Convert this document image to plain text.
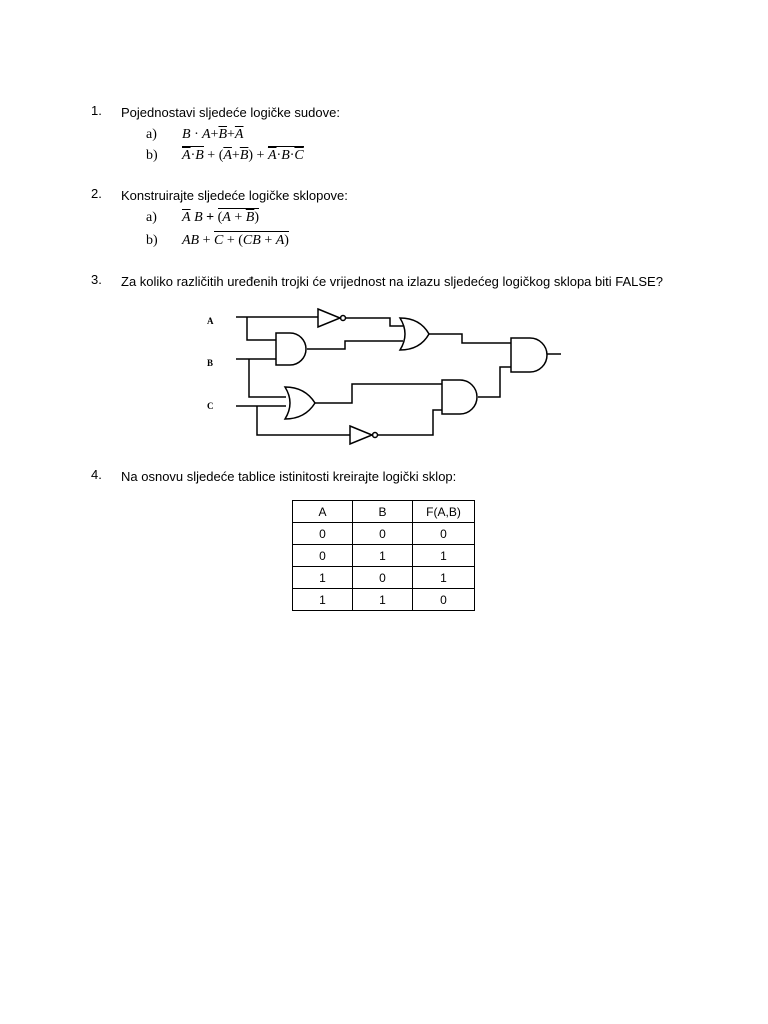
1. Pojednostavi sljedeće logičke sudove:
a) $B \cdot A+\overline{B}+\overline{A}$
b) $\overline{A}\cdot B + (\overline{A}+\overline{B}) + \overline{A}\cdot B\cdot\overline{C}$
2. Konstruirajte sljedeće logičke sklopove:
a) $\overline{A}$ $B + (A + \overline{B})$
b) AB + C + (CB + A)
3. Za koliko različitih uređenih trojki će vrijednost na izlazu sljedećeg logičkog sklopa biti FALSE?
A
B
C
4. Na osnovu sljedeće tablice istinitosti kreirajte logički sklop:
A	B	F(A,B)
0	0	0
0	1	1
1	0	1
1	1	0
